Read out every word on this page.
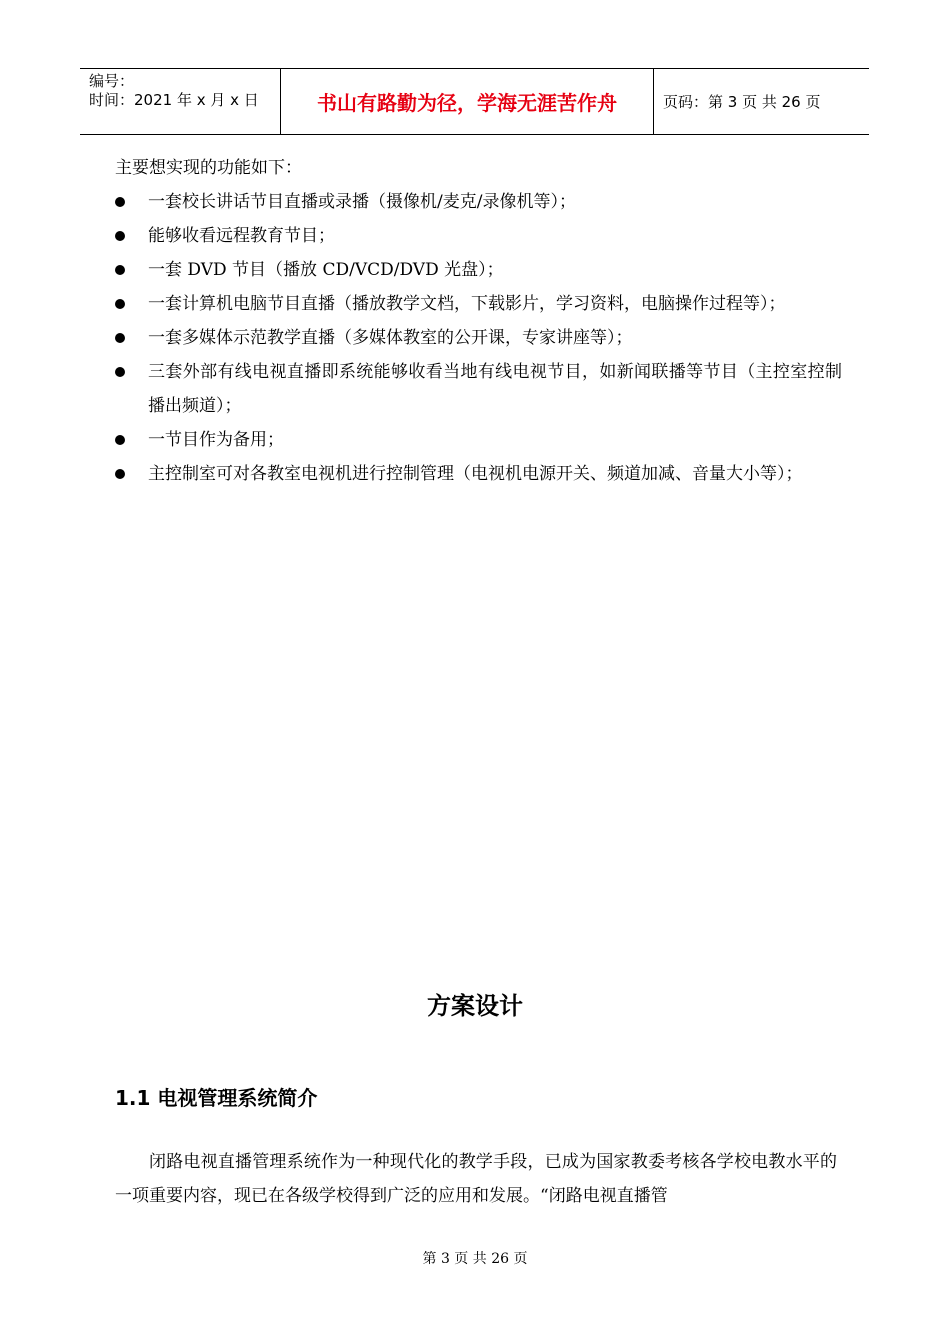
编号：
时间：2021 年 x 月 x 日	书山有路勤为径，学海无涯苦作舟	页码：第 3 页 共 26 页
主要想实现的功能如下：
一套校长讲话节目直播或录播（摄像机/麦克/录像机等）；
能够收看远程教育节目；
一套 DVD 节目（播放 CD/VCD/DVD 光盘）；
一套计算机电脑节目直播（播放教学文档，下载影片，学习资料，电脑操作过程等）；
一套多媒体示范教学直播（多媒体教室的公开课，专家讲座等）；
三套外部有线电视直播即系统能够收看当地有线电视节目，如新闻联播等节目（主控室控制播出频道）；
一节目作为备用；
主控制室可对各教室电视机进行控制管理（电视机电源开关、频道加减、音量大小等）；
方案设计
1.1 电视管理系统简介

闭路电视直播管理系统作为一种现代化的教学手段，已成为国家教委考核各学校电教水平的一项重要内容，现已在各级学校得到广泛的应用和发展。“闭路电视直播管

第 3 页 共 26 页
